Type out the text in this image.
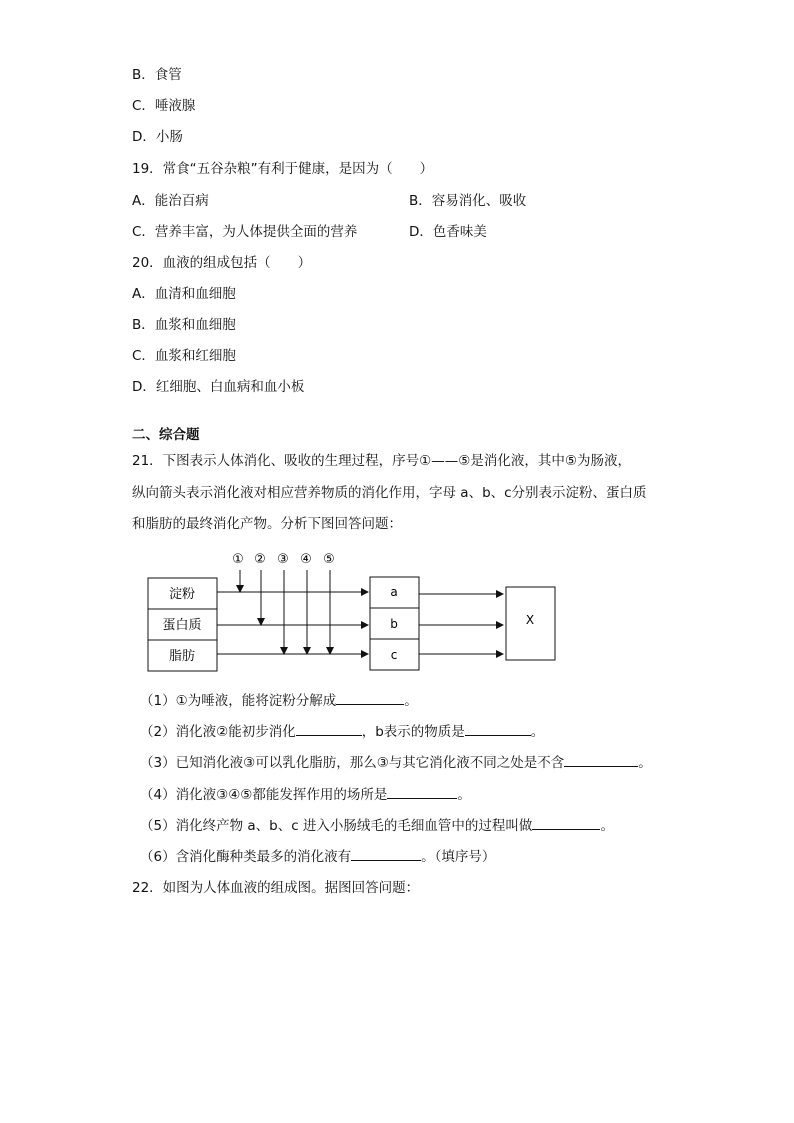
B．食管
C．唾液腺
D．小肠
19．常食“五谷杂粮”有利于健康，是因为（　　）
A．能治百病	B．容易消化、吸收
C．营养丰富，为人体提供全面的营养	D．色香味美
20．血液的组成包括（　　）
A．血清和血细胞
B．血浆和血细胞
C．血浆和红细胞
D．红细胞、白血病和血小板
二、综合题
21．下图表示人体消化、吸收的生理过程，序号①——⑤是消化液，其中⑤为肠液，
纵向箭头表示消化液对相应营养物质的消化作用，字母 a、b、c分别表示淀粉、蛋白质
和脂肪的最终消化产物。分析下图回答问题：
① ② ③ ④ ⑤
淀粉
蛋白质
脂肪
a
b
c
X
（1）①为唾液，能将淀粉分解成	。
（2）消化液②能初步消化	，b表示的物质是	。
（3）已知消化液③可以乳化脂肪，那么③与其它消化液不同之处是不含	。
（4）消化液③④⑤都能发挥作用的场所是	。
（5）消化终产物 a、b、c 进入小肠绒毛的毛细血管中的过程叫做	。
（6）含消化酶种类最多的消化液有	。（填序号）
22．如图为人体血液的组成图。据图回答问题：
